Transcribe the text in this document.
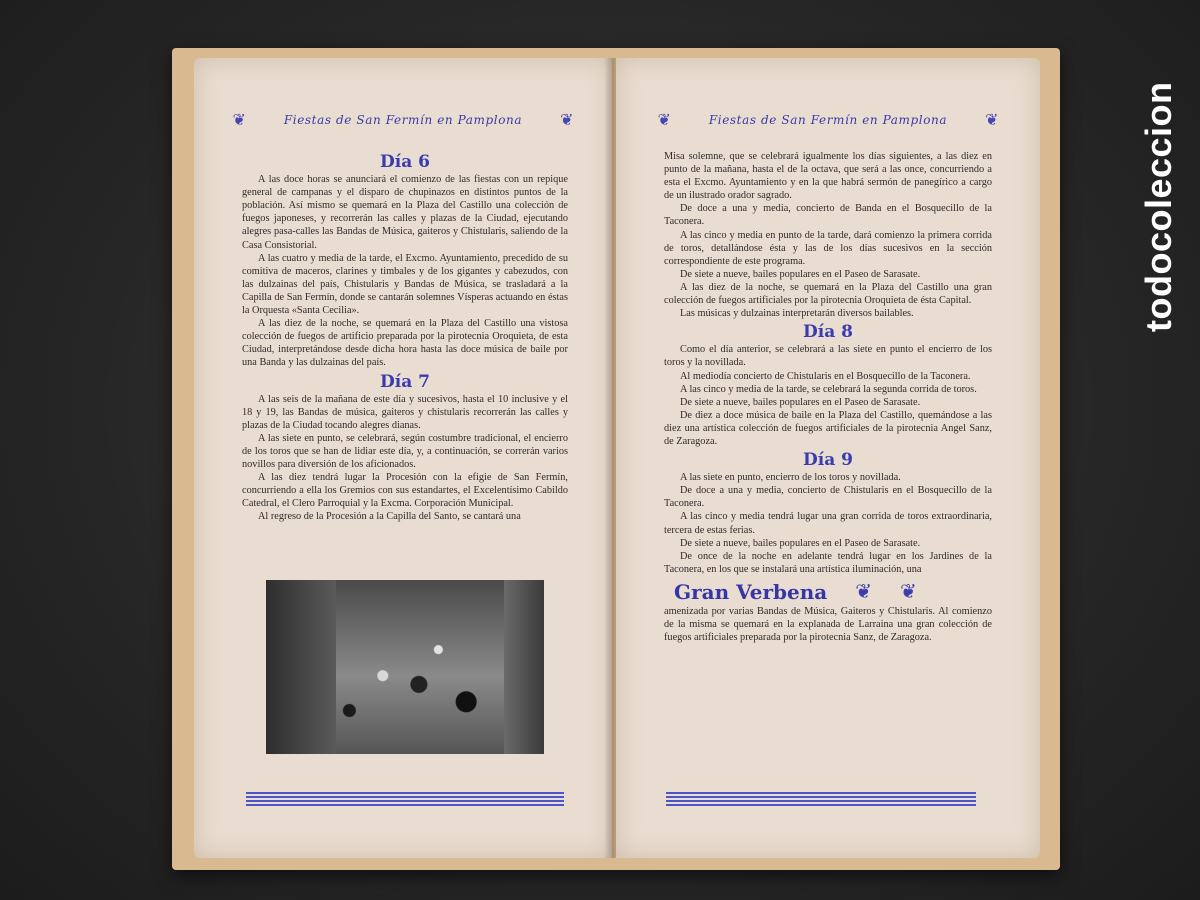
todocoleccion
❦	Fiestas de San Fermín en Pamplona ❦
Día 6

A las doce horas se anunciará el comienzo de las fiestas con un repique general de campanas y el disparo de chupinazos en distintos puntos de la población. Así mismo se quemará en la Plaza del Castillo una colección de fuegos japoneses, y recorrerán las calles y plazas de la Ciudad, ejecutando alegres pasa-calles las Bandas de Música, gaiteros y Chistularis, saliendo de la Casa Consistorial.

A las cuatro y media de la tarde, el Excmo. Ayuntamiento, precedido de su comitiva de maceros, clarines y timbales y de los gigantes y cabezudos, con las dulzainas del país, Chistularis y Bandas de Música, se trasladará a la Capilla de San Fermín, donde se cantarán solemnes Vísperas actuando en éstas la Orquesta «Santa Cecilia».

A las diez de la noche, se quemará en la Plaza del Castillo una vistosa colección de fuegos de artificio preparada por la pirotecnia Oroquieta, de esta Ciudad, interpretándose desde dicha hora hasta las doce música de baile por una Banda y las dulzainas del país.

Día 7

A las seis de la mañana de este día y sucesivos, hasta el 10 inclusive y el 18 y 19, las Bandas de música, gaiteros y chistularis recorrerán las calles y plazas de la Ciudad tocando alegres dianas.

A las siete en punto, se celebrará, según costumbre tradicional, el encierro de los toros que se han de lidiar este día, y, a continuación, se correrán varios novillos para diversión de los aficionados.

A las diez tendrá lugar la Procesión con la efigie de San Fermín, concurriendo a ella los Gremios con sus estandartes, el Excelentísimo Cabildo Catedral, el Clero Parroquial y la Excma. Corporación Municipal.

Al regreso de la Procesión a la Capilla del Santo, se cantará una

❦	Fiestas de San Fermín en Pamplona ❦

Misa solemne, que se celebrará igualmente los días siguientes, a las diez en punto de la mañana, hasta el de la octava, que será a las once, concurriendo a esta el Excmo. Ayuntamiento y en la que habrá sermón de panegírico a cargo de un ilustrado orador sagrado.

De doce a una y media, concierto de Banda en el Bosquecillo de la Taconera.

A las cinco y media en punto de la tarde, dará comienzo la primera corrida de toros, detallándose ésta y las de los días sucesivos en la sección correspondiente de este programa.

De siete a nueve, bailes populares en el Paseo de Sarasate.

A las diez de la noche, se quemará en la Plaza del Castillo una gran colección de fuegos artificiales por la pirotecnia Oroquieta de ésta Capital.

Las músicas y dulzainas interpretarán diversos bailables.

Día 8

Como el día anterior, se celebrará a las siete en punto el encierro de los toros y la novillada.

Al mediodía concierto de Chistularis en el Bosquecillo de la Taconera.

A las cinco y media de la tarde, se celebrará la segunda corrida de toros.

De siete a nueve, bailes populares en el Paseo de Sarasate.

De diez a doce música de baile en la Plaza del Castillo, quemándose a las diez una artística colección de fuegos artificiales de la pirotecnia Angel Sanz, de Zaragoza.

Día 9

A las siete en punto, encierro de los toros y novillada.

De doce a una y media, concierto de Chistularis en el Bosquecillo de la Taconera.

A las cinco y media tendrá lugar una gran corrida de toros extraordinaria, tercera de estas ferias.

De siete a nueve, bailes populares en el Paseo de Sarasate.

De once de la noche en adelante tendrá lugar en los Jardines de la Taconera, en los que se instalará una artística iluminación, una

Gran Verbena ❦ ❦

amenizada por varias Bandas de Música, Gaiteros y Chistularis. Al comienzo de la misma se quemará en la explanada de Larraina una gran colección de fuegos artificiales preparada por la pirotecnia Sanz, de Zaragoza.
